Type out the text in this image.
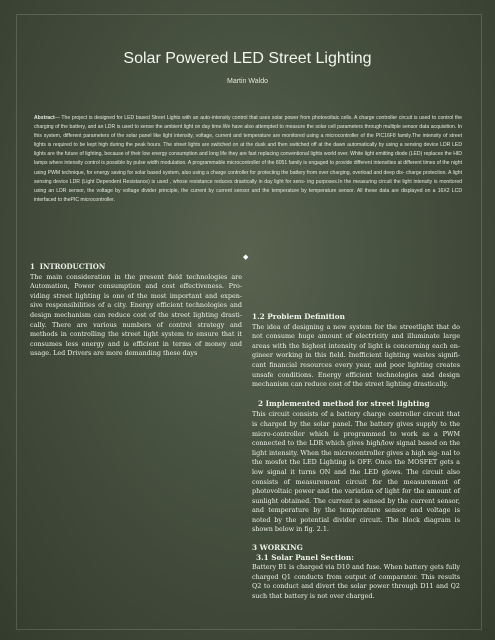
Solar Powered LED Street Lighting
Martin Waldo

Abstract— The project is designed for LED based Street Lights with an auto-intensity control that uses solar power from photovoltaic cells. A charge controller circuit is used to control the charging of the battery, and an LDR is used to sense the ambient light on day time.We have also attempted to measure the solar cell parameters through multiple sensor data acquisition. In this system, different parameters of the solar panel like light intensity, voltage, current and temperature are monitored using a microcontroller of the PIC16F8 family.The intensity of street lights is required to be kept high during the peak hours. The street lights are switched on at the dusk and then switched off at the dawn automatically by using a sensing device LDR LED lights are the future of lighting, because of their low energy consumption and long life they are fast replacing conventional lights world over. White light emitting diode (LED) replaces the HID lamps where intensity control is possible by pulse width modulation. A programmable microcontroller of the 8051 family is engaged to provide different intensities at different times of the night using PWM technique, for energy saving for solar based system, also using a charge controller for protecting the battery from over charging, overload and deep dis- charge protection. A light sensing device LDR (Light Dependent Resistance) is used , whose resistance reduces drastically in day light for sens- ing purposes.In the measuring circuit the light intensity is monitored using an LDR sensor, the voltage by voltage divider principle, the current by current sensor and the temperature by temperature sensor. All these data are displayed on a 16X2 LCD interfaced to thePIC microcontroller.

◆
1 INTRODUCTION

The main consideration in the present field technologies are Automation, Power consumption and cost effectiveness. Pro- viding street lighting is one of the most important and expen- sive responsibilities of a city. Energy efficient technologies and design mechanism can reduce cost of the street lighting drasti- cally. There are various numbers of control strategy and methods in controlling the street light system to ensure that it consumes less energy and is efficient in terms of money and usage. Led Drivers are more demanding these days

1.2 Problem Definition

The idea of designing a new system for the streetlight that do not consume huge amount of electricity and illuminate large areas with the highest intensity of light is concerning each en- gineer working in this field. Inefficient lighting wastes signifi- cant financial resources every year, and poor lighting creates unsafe conditions. Energy efficient technologies and design mechanism can reduce cost of the street lighting drastically.

2 Implemented method for street lighting

This circuit consists of a battery charge controller circuit that is charged by the solar panel. The battery gives supply to the micro-controller which is programmed to work as a PWM connected to the LDR which gives high/low signal based on the light intensity. When the microcontroller gives a high sig- nal to the mosfet the LED Lighting is OFF. Once the MOSFET gets a low signal it turns ON and the LED glows. The circuit also consists of measurement circuit for the measurement of photovoltaic power and the variation of light for the amount of sunlight obtained. The current is sensed by the current sensor, and temperature by the temperature sensor and voltage is noted by the potential divider circuit. The block diagram is shown below in fig. 2.1.

3 WORKING
3.1 Solar Panel Section:

Battery B1 is charged via D10 and fuse. When battery gets fully charged Q1 conducts from output of comparator. This results Q2 to conduct and divert the solar power through D11 and Q2 such that battery is not over charged.
